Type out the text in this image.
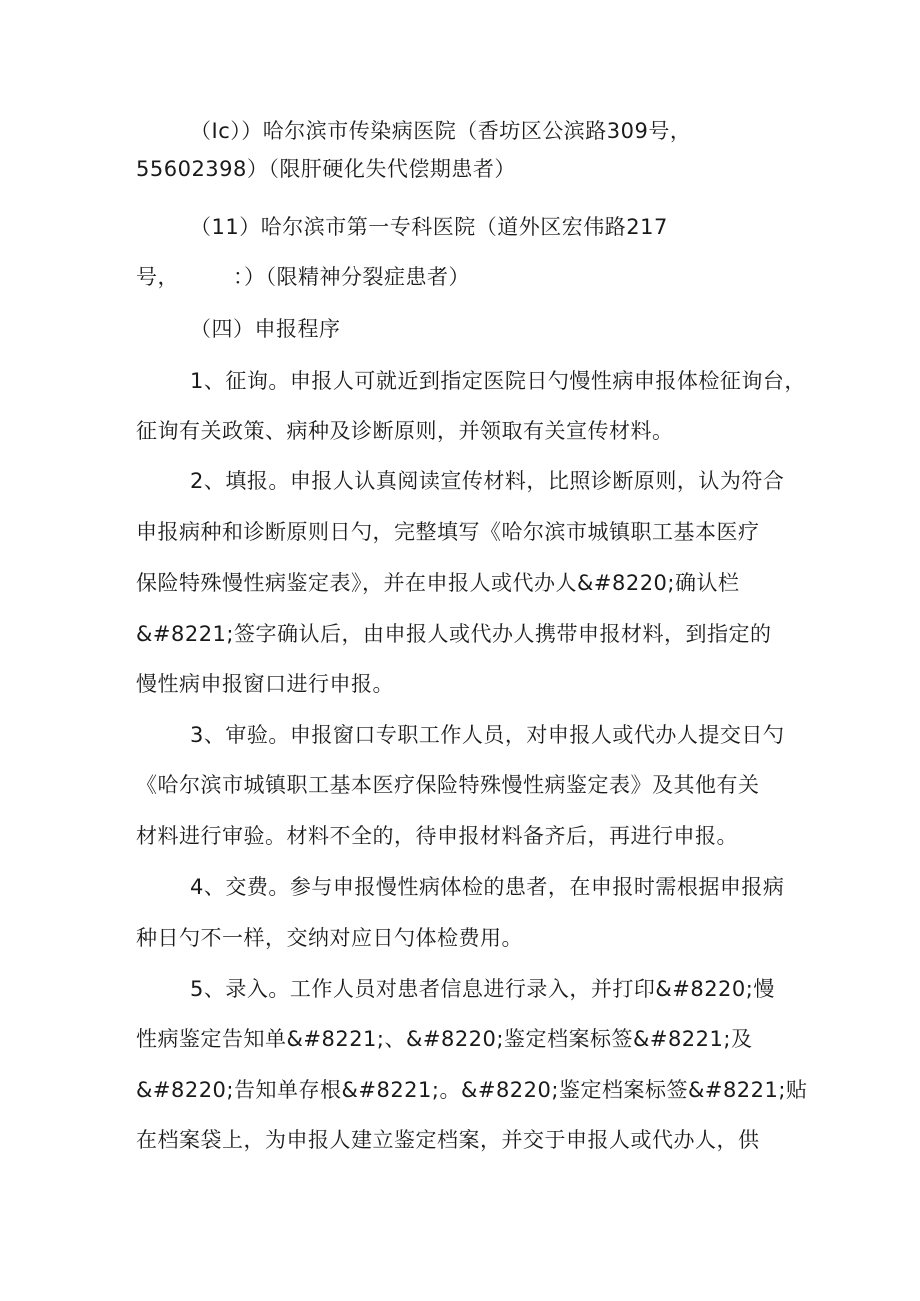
（Ic））哈尔滨市传染病医院（香坊区公滨路309号，
55602398）（限肝硬化失代偿期患者）
（11）哈尔滨市第一专科医院（道外区宏伟路217
号，　　　：）（限精神分裂症患者）
（四）申报程序
1、征询。申报人可就近到指定医院日勺慢性病申报体检征询台，
征询有关政策、病种及诊断原则，并领取有关宣传材料。
2、填报。申报人认真阅读宣传材料，比照诊断原则，认为符合
申报病种和诊断原则日勺，完整填写《哈尔滨市城镇职工基本医疗
保险特殊慢性病鉴定表》，并在申报人或代办人&#8220;确认栏
&#8221;签字确认后，由申报人或代办人携带申报材料，到指定的
慢性病申报窗口进行申报。
3、审验。申报窗口专职工作人员，对申报人或代办人提交日勺
《哈尔滨市城镇职工基本医疗保险特殊慢性病鉴定表》及其他有关
材料进行审验。材料不全的，待申报材料备齐后，再进行申报。
4、交费。参与申报慢性病体检的患者，在申报时需根据申报病
种日勺不一样，交纳对应日勺体检费用。
5、录入。工作人员对患者信息进行录入，并打印&#8220;慢
性病鉴定告知单&#8221;、&#8220;鉴定档案标签&#8221;及
&#8220;告知单存根&#8221;。&#8220;鉴定档案标签&#8221;贴
在档案袋上，为申报人建立鉴定档案，并交于申报人或代办人，供
